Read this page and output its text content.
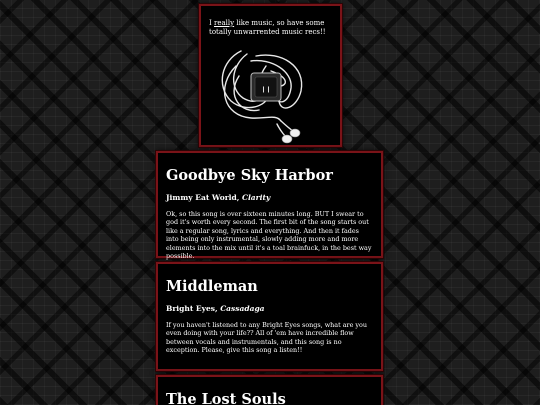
I really like music, so have some totally unwarrented music recs!!

❙❙
Goodbye Sky Harbor

Jimmy Eat World, Clarity

Ok, so this song is over sixteen minutes long. BUT I swear to god it's worth every second. The first bit of the song starts out like a regular song, lyrics and everything. And then it fades into being only instrumental, slowly adding more and more elements into the mix until it's a toal brainfuck, in the best way possible.

Middleman

Bright Eyes, Cassadaga

If you haven't listened to any Bright Eyes songs, what are you even doing with your life?? All of 'em have incredible flow between vocals and instrumentals, and this song is no exception. Please, give this song a listen!!

The Lost Souls
